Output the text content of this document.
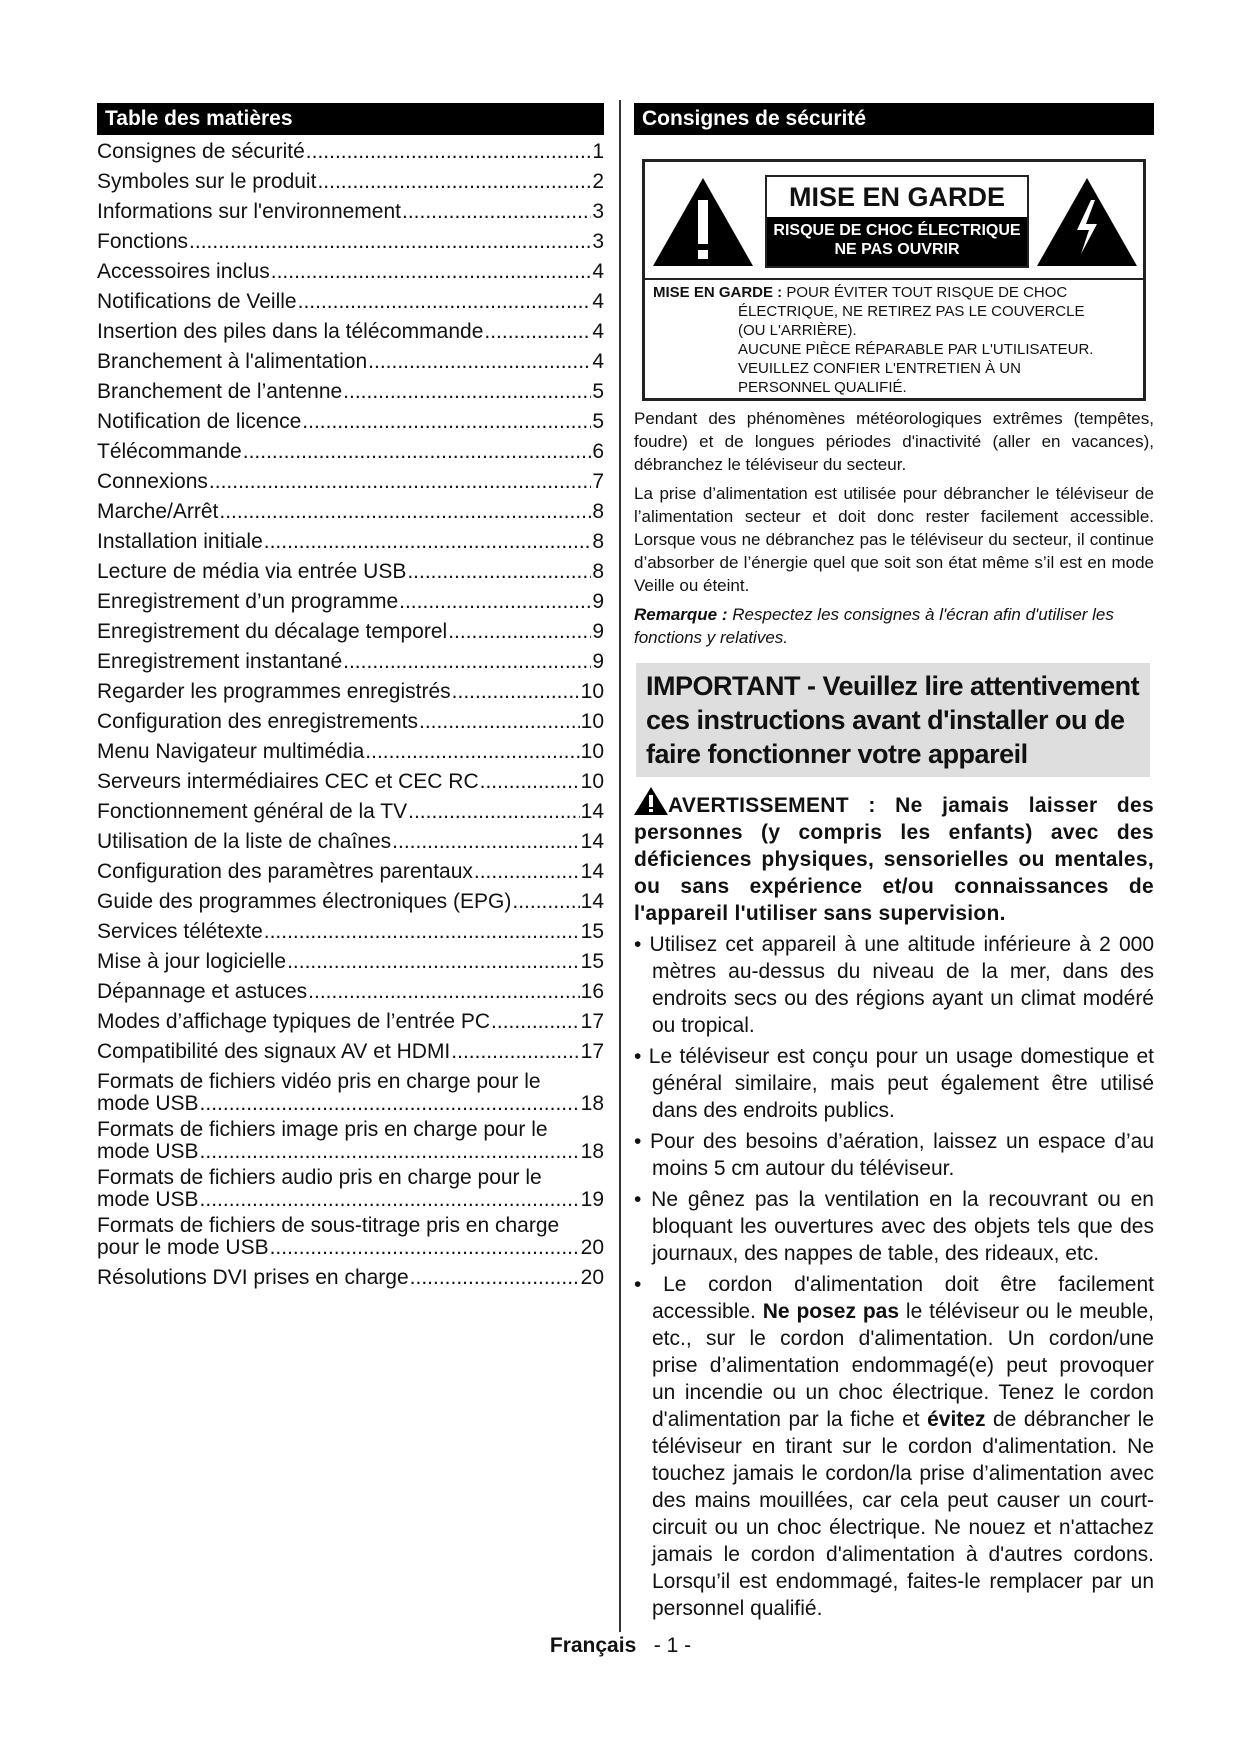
Table des matières
Consignes de sécurité .....	1
Symboles sur le produit .....	2
Informations sur l'environnement .....	3
Fonctions .....	3
Accessoires inclus .....	4
Notifications de Veille .....	4
Insertion des piles dans la télécommande .....	4
Branchement à l'alimentation .....	4
Branchement de l’antenne .....	5
Notification de licence .....	5
Télécommande .....	6
Connexions .....	7
Marche/Arrêt .....	8
Installation initiale .....	8
Lecture de média via entrée USB .....	8
Enregistrement d’un programme .....	9
Enregistrement du décalage temporel .....	9
Enregistrement instantané .....	9
Regarder les programmes enregistrés .....	10
Configuration des enregistrements .....	10
Menu Navigateur multimédia .....	10
Serveurs intermédiaires CEC et CEC RC .....	10
Fonctionnement général de la TV .....	14
Utilisation de la liste de chaînes .....	14
Configuration des paramètres parentaux .....	14
Guide des programmes électroniques (EPG) .....	14
Services télétexte .....	15
Mise à jour logicielle .....	15
Dépannage et astuces .....	16
Modes d’affichage typiques de l’entrée PC .....	17
Compatibilité des signaux AV et HDMI .....	17
Formats de fichiers vidéo pris en charge pour le
mode USB .....	18
Formats de fichiers image pris en charge pour le
mode USB .....	18
Formats de fichiers audio pris en charge pour le
mode USB .....	19
Formats de fichiers de sous-titrage pris en charge
pour le mode USB .....	20
Résolutions DVI prises en charge .....	20
Consignes de sécurité
MISE EN GARDE
RISQUE DE CHOC ÉLECTRIQUE
NE PAS OUVRIR
MISE EN GARDE : POUR ÉVITER TOUT RISQUE DE CHOC
ÉLECTRIQUE, NE RETIREZ PAS LE COUVERCLE
(OU L'ARRIÈRE).
AUCUNE PIÈCE RÉPARABLE PAR L'UTILISATEUR.
VEUILLEZ CONFIER L'ENTRETIEN À UN
PERSONNEL QUALIFIÉ.
Pendant des phénomènes météorologiques extrêmes (tempêtes, foudre) et de longues périodes d'inactivité (aller en vacances), débranchez le téléviseur du secteur.
La prise d’alimentation est utilisée pour débrancher le téléviseur de l’alimentation secteur et doit donc rester facilement accessible. Lorsque vous ne débranchez pas le téléviseur du secteur, il continue d’absorber de l’énergie quel que soit son état même s’il est en mode Veille ou éteint.
Remarque : Respectez les consignes à l'écran afin d'utiliser les fonctions y relatives.
IMPORTANT - Veuillez lire attentivement ces instructions avant d'installer ou de faire fonctionner votre appareil
AVERTISSEMENT : Ne jamais laisser des personnes (y compris les enfants) avec des déficiences physiques, sensorielles ou mentales, ou sans expérience et/ou connaissances de l'appareil l'utiliser sans supervision.
• Utilisez cet appareil à une altitude inférieure à 2 000 mètres au-dessus du niveau de la mer, dans des endroits secs ou des régions ayant un climat modéré ou tropical.
• Le téléviseur est conçu pour un usage domestique et général similaire, mais peut également être utilisé dans des endroits publics.
• Pour des besoins d’aération, laissez un espace d’au moins 5 cm autour du téléviseur.
• Ne gênez pas la ventilation en la recouvrant ou en bloquant les ouvertures avec des objets tels que des journaux, des nappes de table, des rideaux, etc.
• Le cordon d'alimentation doit être facilement accessible. Ne posez pas le téléviseur ou le meuble, etc., sur le cordon d'alimentation. Un cordon/une prise d’alimentation endommagé(e) peut provoquer un incendie ou un choc électrique. Tenez le cordon d'alimentation par la fiche et évitez de débrancher le téléviseur en tirant sur le cordon d'alimentation. Ne touchez jamais le cordon/la prise d’alimentation avec des mains mouillées, car cela peut causer un court-circuit ou un choc électrique. Ne nouez et n'attachez jamais le cordon d'alimentation à d'autres cordons. Lorsqu’il est endommagé, faites-le remplacer par un personnel qualifié.
Français - 1 -
